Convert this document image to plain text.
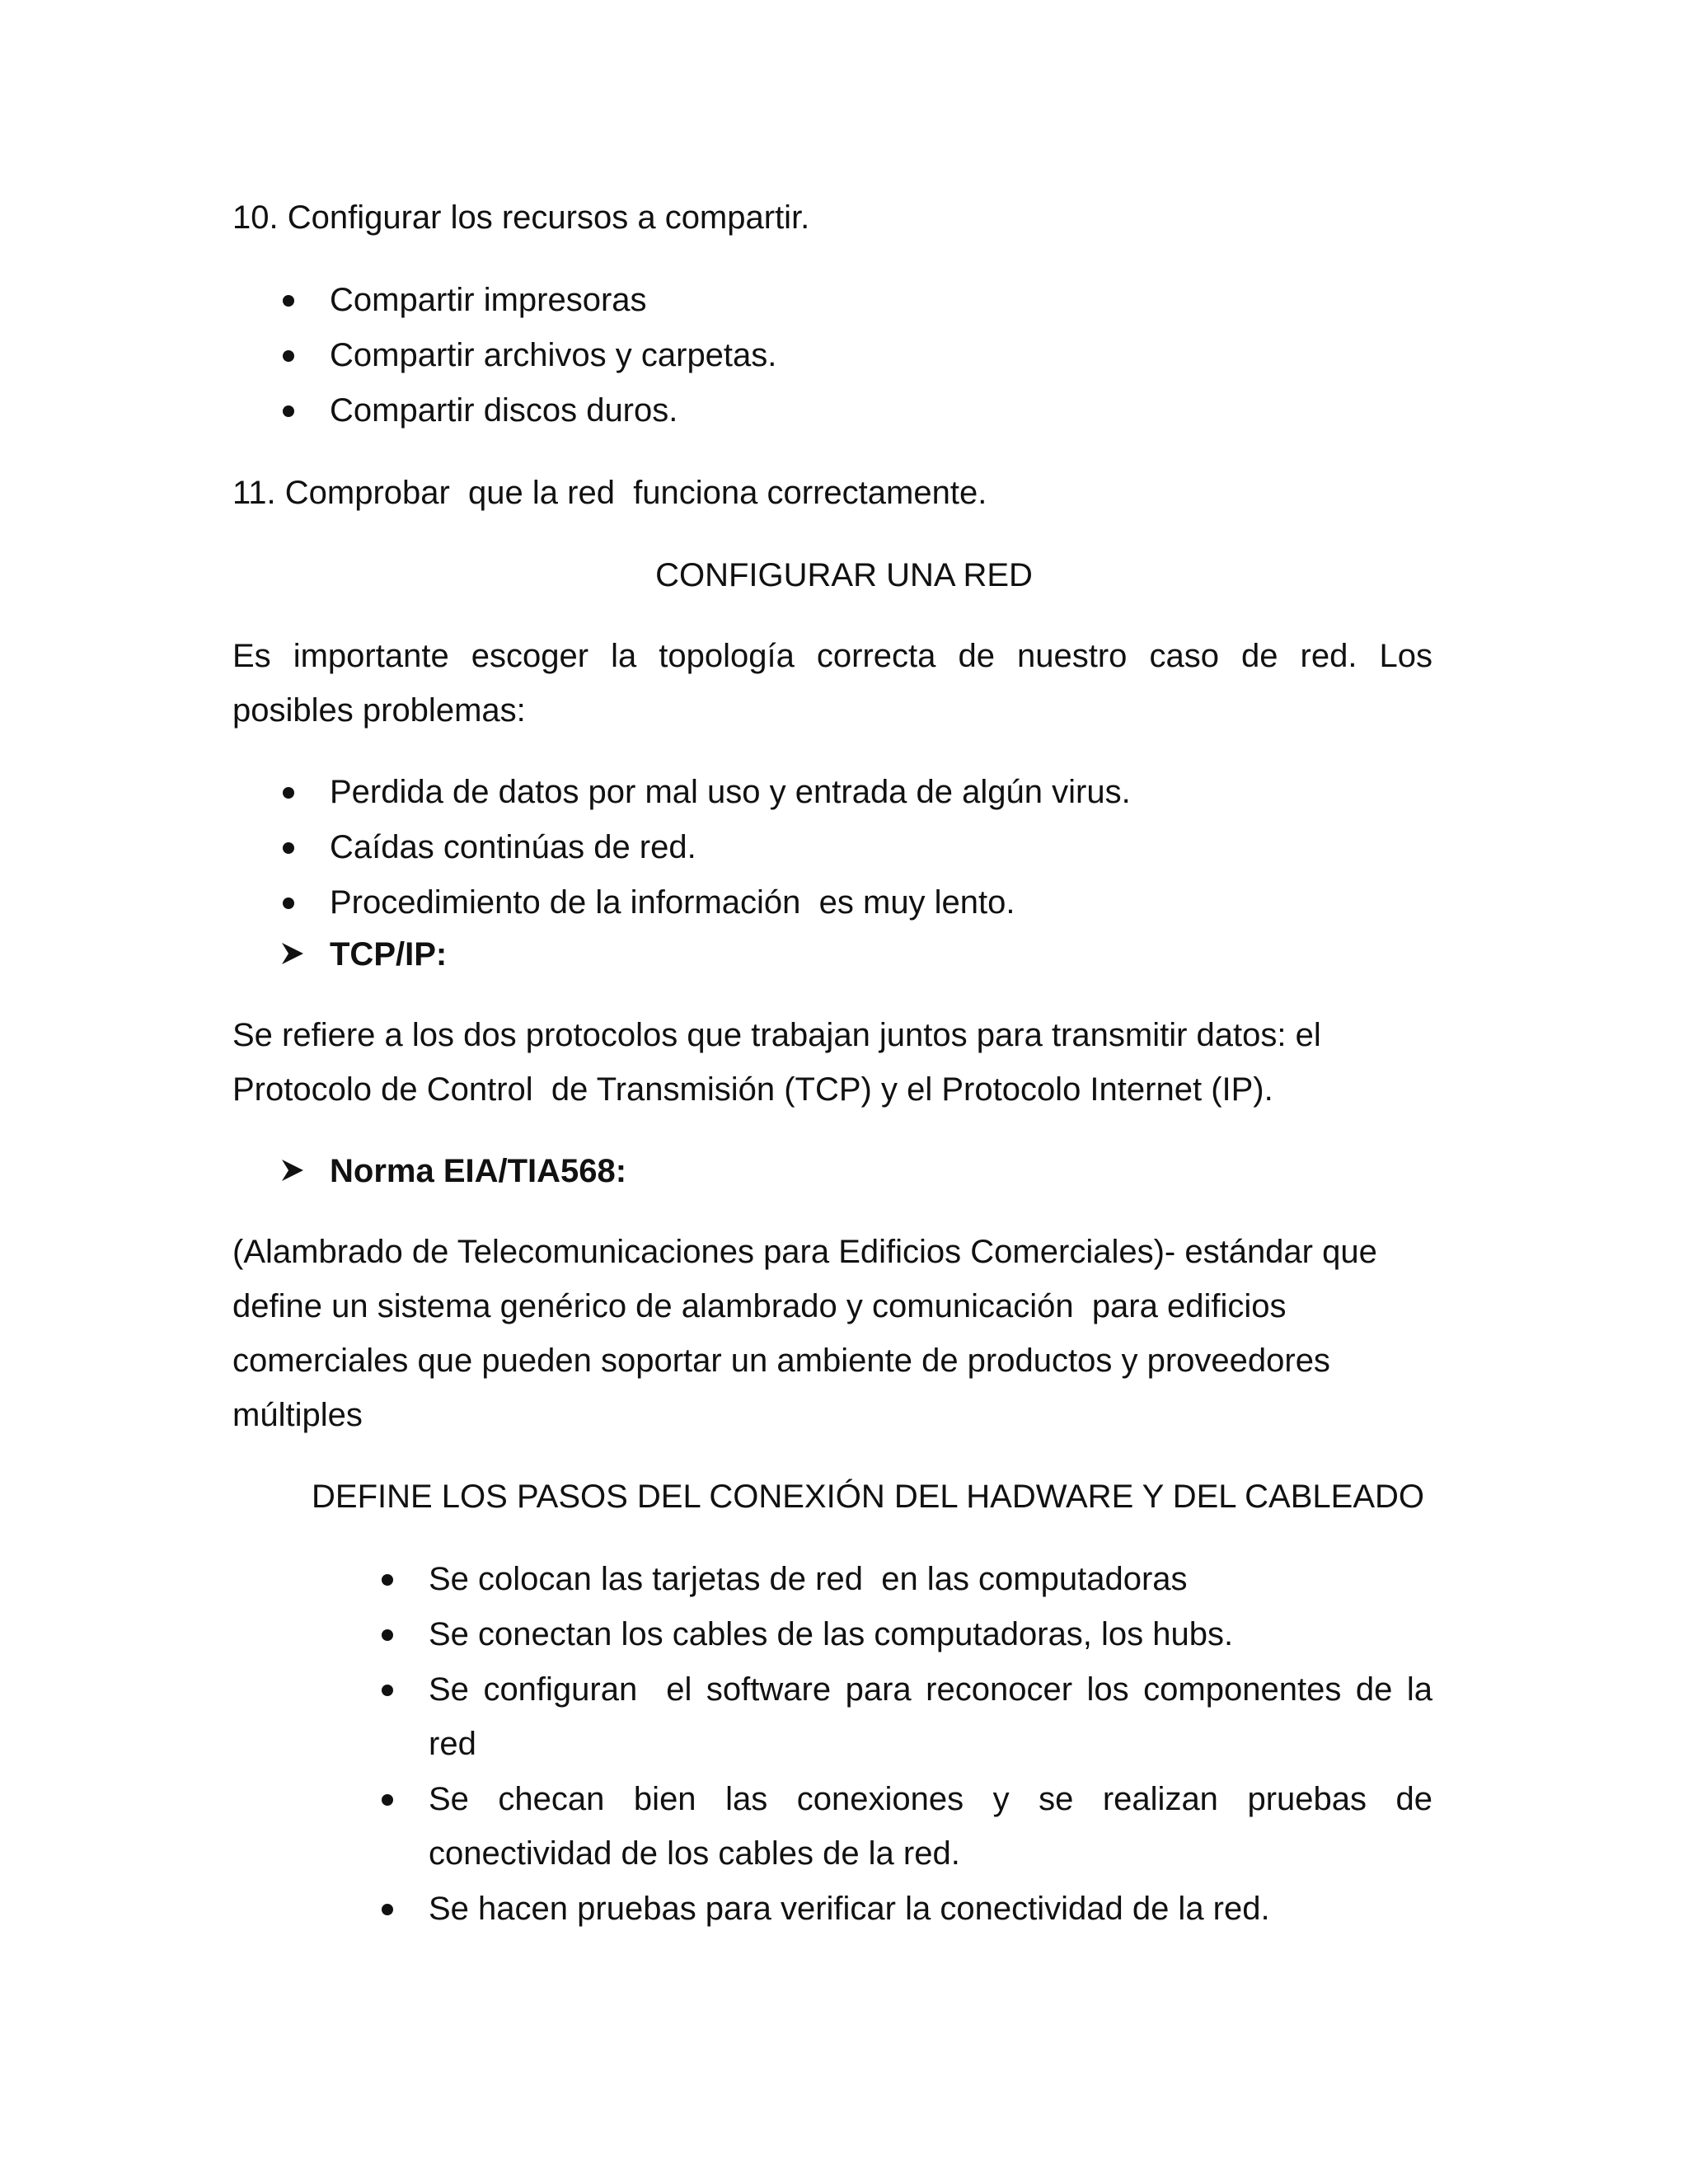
10. Configurar los recursos a compartir.

Compartir impresoras

Compartir archivos y carpetas.

Compartir discos duros.

11. Comprobar  que la red  funciona correctamente.

CONFIGURAR UNA RED

Es importante escoger la topología correcta de nuestro caso de red. Los

posibles problemas:

Perdida de datos por mal uso y entrada de algún virus.

Caídas continúas de red.

Procedimiento de la información  es muy lento.

TCP/IP:

Se refiere a los dos protocolos que trabajan juntos para transmitir datos: el

Protocolo de Control  de Transmisión (TCP) y el Protocolo Internet (IP).

Norma EIA/TIA568:

(Alambrado de Telecomunicaciones para Edificios Comerciales)- estándar que

define un sistema genérico de alambrado y comunicación  para edificios

comerciales que pueden soportar un ambiente de productos y proveedores

múltiples

DEFINE LOS PASOS DEL CONEXIÓN DEL HADWARE Y DEL CABLEADO

Se colocan las tarjetas de red  en las computadoras

Se conectan los cables de las computadoras, los hubs.

Se configuran  el software para reconocer los componentes de la

red

Se checan bien las conexiones y se realizan pruebas de

conectividad de los cables de la red.

Se hacen pruebas para verificar la conectividad de la red.
